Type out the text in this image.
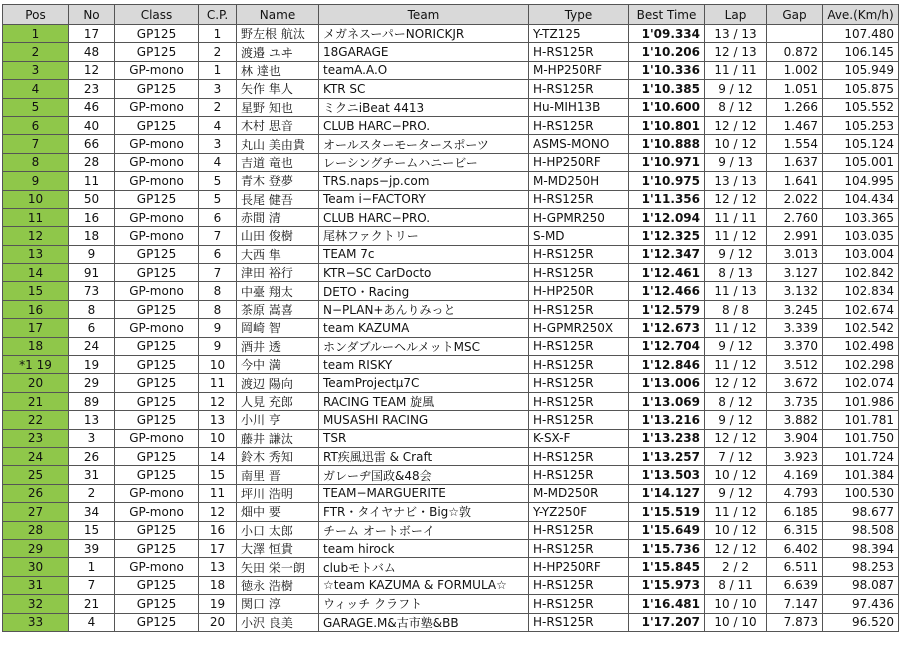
Pos	No	Class	C.P.	Name	Team	Type	Best Time	Lap	Gap	Ave.(Km/h)
1	17	GP125	1	野左根 航汰	メガネスーパーNORICKJR	Y-TZ125	1'09.334	13 / 13		107.480
2	48	GP125	2	渡邉 ユヰ	18GARAGE	H-RS125R	1'10.206	12 / 13	0.872	106.145
3	12	GP-mono	1	林 達也	teamA.A.O	M-HP250RF	1'10.336	11 / 11	1.002	105.949
4	23	GP125	3	矢作 隼人	KTR SC	H-RS125R	1'10.385	9 / 12	1.051	105.875
5	46	GP-mono	2	星野 知也	ミクニiBeat 4413	Hu-MIH13B	1'10.600	8 / 12	1.266	105.552
6	40	GP125	4	木村 思音	CLUB HARC−PRO.	H-RS125R	1'10.801	12 / 12	1.467	105.253
7	66	GP-mono	3	丸山 美由貴	オールスターモータースポーツ	ASMS-MONO	1'10.888	10 / 12	1.554	105.124
8	28	GP-mono	4	吉道 竜也	レーシングチームハニービー	H-HP250RF	1'10.971	9 / 13	1.637	105.001
9	11	GP-mono	5	青木 登夢	TRS.naps−jp.com	M-MD250H	1'10.975	13 / 13	1.641	104.995
10	50	GP125	5	長尾 健吾	Team i−FACTORY	H-RS125R	1'11.356	12 / 12	2.022	104.434
11	16	GP-mono	6	赤間 清	CLUB HARC−PRO.	H-GPMR250	1'12.094	11 / 11	2.760	103.365
12	18	GP-mono	7	山田 俊樹	尾林ファクトリー	S-MD	1'12.325	11 / 12	2.991	103.035
13	9	GP125	6	大西 隼	TEAM 7c	H-RS125R	1'12.347	9 / 12	3.013	103.004
14	91	GP125	7	津田 裕行	KTR−SC CarDocto	H-RS125R	1'12.461	8 / 13	3.127	102.842
15	73	GP-mono	8	中臺 翔太	DETO・Racing	H-HP250R	1'12.466	11 / 13	3.132	102.834
16	8	GP125	8	茶原 嵩喜	N−PLAN+あんりみっと	H-RS125R	1'12.579	8 / 8	3.245	102.674
17	6	GP-mono	9	岡崎 智	team KAZUMA	H-GPMR250X	1'12.673	11 / 12	3.339	102.542
18	24	GP125	9	酒井 透	ホンダブルーヘルメットMSC	H-RS125R	1'12.704	9 / 12	3.370	102.498
*1 19	19	GP125	10	今中 満	team RISKY	H-RS125R	1'12.846	11 / 12	3.512	102.298
20	29	GP125	11	渡辺 陽向	TeamProjectμ7C	H-RS125R	1'13.006	12 / 12	3.672	102.074
21	89	GP125	12	人見 充郎	RACING TEAM 旋風	H-RS125R	1'13.069	8 / 12	3.735	101.986
22	13	GP125	13	小川 亨	MUSASHI RACING	H-RS125R	1'13.216	9 / 12	3.882	101.781
23	3	GP-mono	10	藤井 謙汰	TSR	K-SX-F	1'13.238	12 / 12	3.904	101.750
24	26	GP125	14	鈴木 秀知	RT疾風迅雷 & Craft	H-RS125R	1'13.257	7 / 12	3.923	101.724
25	31	GP125	15	南里 晋	ガレーヂ国政&48会	H-RS125R	1'13.503	10 / 12	4.169	101.384
26	2	GP-mono	11	坪川 浩明	TEAM−MARGUERITE	M-MD250R	1'14.127	9 / 12	4.793	100.530
27	34	GP-mono	12	畑中 要	FTR・タイヤナビ・Big☆敦	Y-YZ250F	1'15.519	11 / 12	6.185	98.677
28	15	GP125	16	小口 太郎	チーム オートボーイ	H-RS125R	1'15.649	10 / 12	6.315	98.508
29	39	GP125	17	大澤 恒貴	team hirock	H-RS125R	1'15.736	12 / 12	6.402	98.394
30	1	GP-mono	13	矢田 栄一朗	clubモトバム	H-HP250RF	1'15.845	2 / 2	6.511	98.253
31	7	GP125	18	徳永 浩樹	☆team KAZUMA & FORMULA☆	H-RS125R	1'15.973	8 / 11	6.639	98.087
32	21	GP125	19	関口 淳	ウィッチ クラフト	H-RS125R	1'16.481	10 / 10	7.147	97.436
33	4	GP125	20	小沢 良美	GARAGE.M&古市塾&BB	H-RS125R	1'17.207	10 / 10	7.873	96.520
